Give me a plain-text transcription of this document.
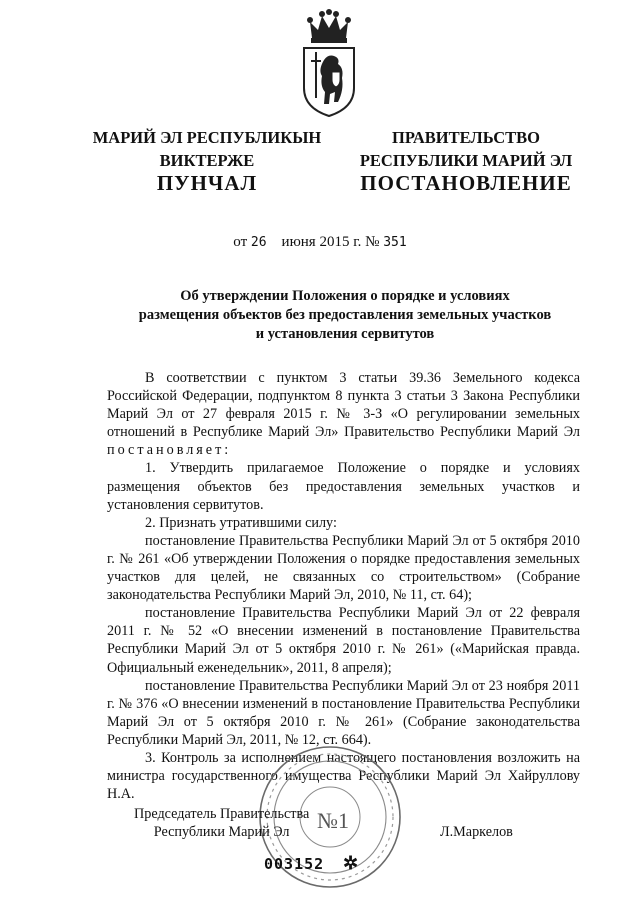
МАРИЙ ЭЛ РЕСПУБЛИКЫН
ВИКТЕРЖЕ
ПРАВИТЕЛЬСТВО
РЕСПУБЛИКИ МАРИЙ ЭЛ
ПУНЧАЛ	ПОСТАНОВЛЕНИЕ
от 26 июня 2015 г. № 351
Об утверждении Положения о порядке и условиях
размещения объектов без предоставления земельных участков
и установления сервитутов

В соответствии с пунктом 3 статьи 39.36 Земельного кодекса Российской Федерации, подпунктом 8 пункта 3 статьи 3 Закона Республики Марий Эл от 27 февраля 2015 г. № 3-З «О регулировании земельных отношений в Республике Марий Эл» Правительство Республики Марий Эл постановляет:

1. Утвердить прилагаемое Положение о порядке и условиях размещения объектов без предоставления земельных участков и установления сервитутов.

2. Признать утратившими силу:

постановление Правительства Республики Марий Эл от 5 октября 2010 г. № 261 «Об утверждении Положения о порядке предоставления земельных участков для целей, не связанных со строительством» (Собрание законодательства Республики Марий Эл, 2010, № 11, ст. 64);

постановление Правительства Республики Марий Эл от 22 февраля 2011 г. № 52 «О внесении изменений в постановление Правительства Республики Марий Эл от 5 октября 2010 г. № 261» («Марийская правда. Официальный еженедельник», 2011, 8 апреля);

постановление Правительства Республики Марий Эл от 23 ноября 2011 г. № 376 «О внесении изменений в постановление Правительства Республики Марий Эл от 5 октября 2010 г. № 261» (Собрание законодательства Республики Марий Эл, 2011, № 12, ст. 664).

3. Контроль за исполнением настоящего постановления возложить на министра государственного имущества Республики Марий Эл Хайруллову Н.А.

№1
Председатель Правительства
Республики Марий Эл	Л.Маркелов
003152 ✲
